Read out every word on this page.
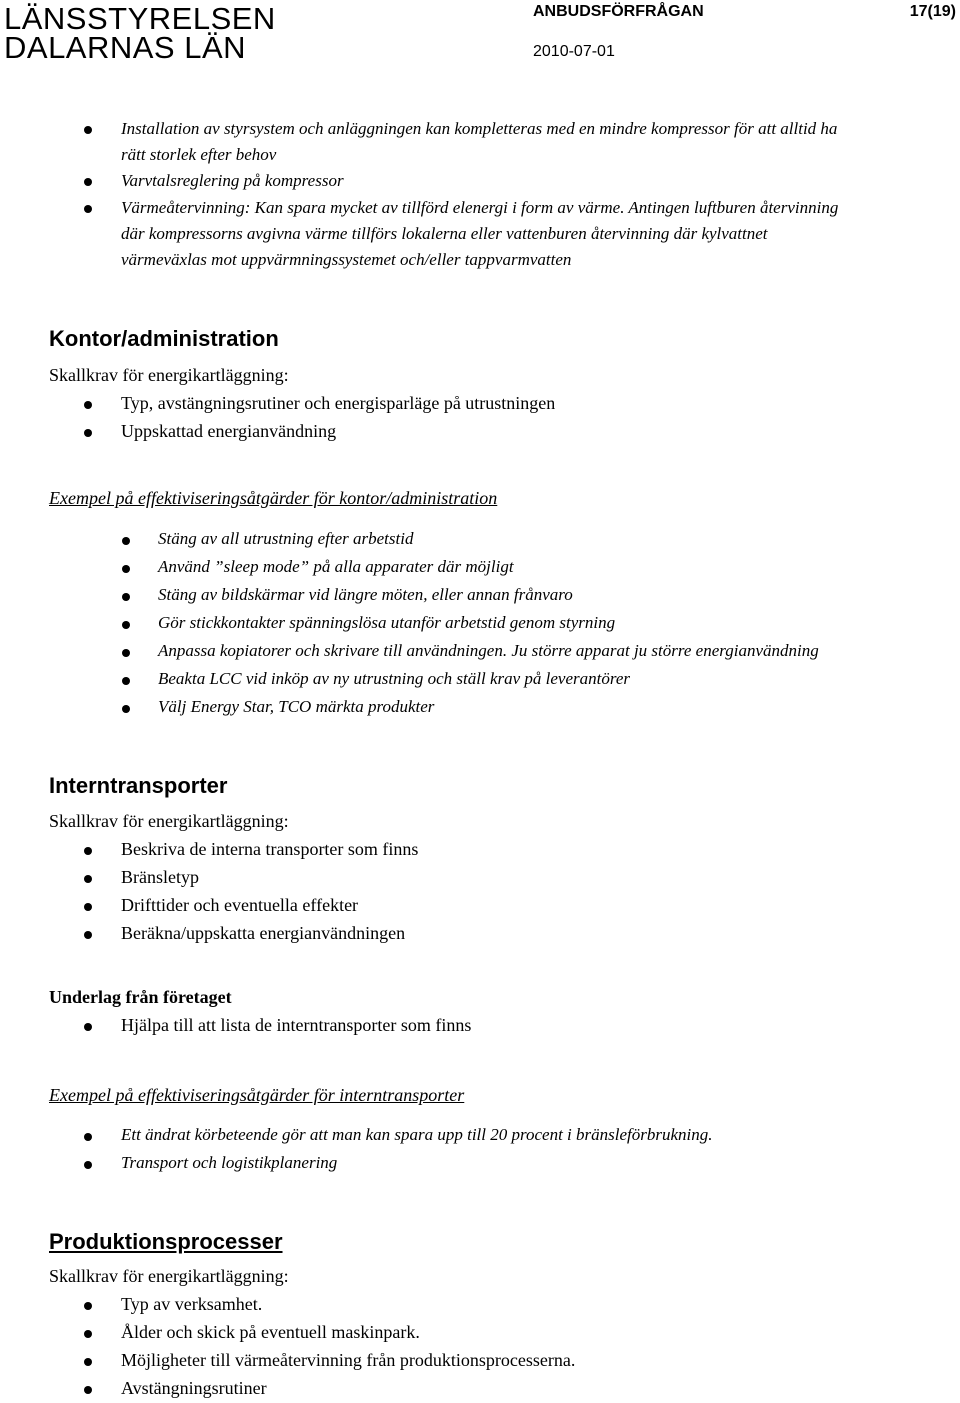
LÄNSSTYRELSEN
DALARNAS LÄN
ANBUDSFÖRFRÅGAN	17(19)
2010-07-01
Installation av styrsystem och anläggningen kan kompletteras med en mindre kompressor för att alltid ha
rätt storlek efter behov
Varvtalsreglering på kompressor
Värmeåtervinning: Kan spara mycket av tillförd elenergi i form av värme. Antingen luftburen återvinning
där kompressorns avgivna värme tillförs lokalerna eller vattenburen återvinning där kylvattnet
värmeväxlas mot uppvärmningssystemet och/eller tappvarmvatten
Kontor/administration
Skallkrav för energikartläggning:
Typ, avstängningsrutiner och energisparläge på utrustningen
Uppskattad energianvändning
Exempel på effektiviseringsåtgärder för kontor/administration
Stäng av all utrustning efter arbetstid
Använd ”sleep mode” på alla apparater där möjligt
Stäng av bildskärmar vid längre möten, eller annan frånvaro
Gör stickkontakter spänningslösa utanför arbetstid genom styrning
Anpassa kopiatorer och skrivare till användningen. Ju större apparat ju större energianvändning
Beakta LCC vid inköp av ny utrustning och ställ krav på leverantörer
Välj Energy Star, TCO märkta produkter
Interntransporter
Skallkrav för energikartläggning:
Beskriva de interna transporter som finns
Bränsletyp
Drifttider och eventuella effekter
Beräkna/uppskatta energianvändningen
Underlag från företaget
Hjälpa till att lista de interntransporter som finns
Exempel på effektiviseringsåtgärder för interntransporter
Ett ändrat körbeteende gör att man kan spara upp till 20 procent i bränsleförbrukning.
Transport och logistikplanering
Produktionsprocesser
Skallkrav för energikartläggning:
Typ av verksamhet.
Ålder och skick på eventuell maskinpark.
Möjligheter till värmeåtervinning från produktionsprocesserna.
Avstängningsrutiner
